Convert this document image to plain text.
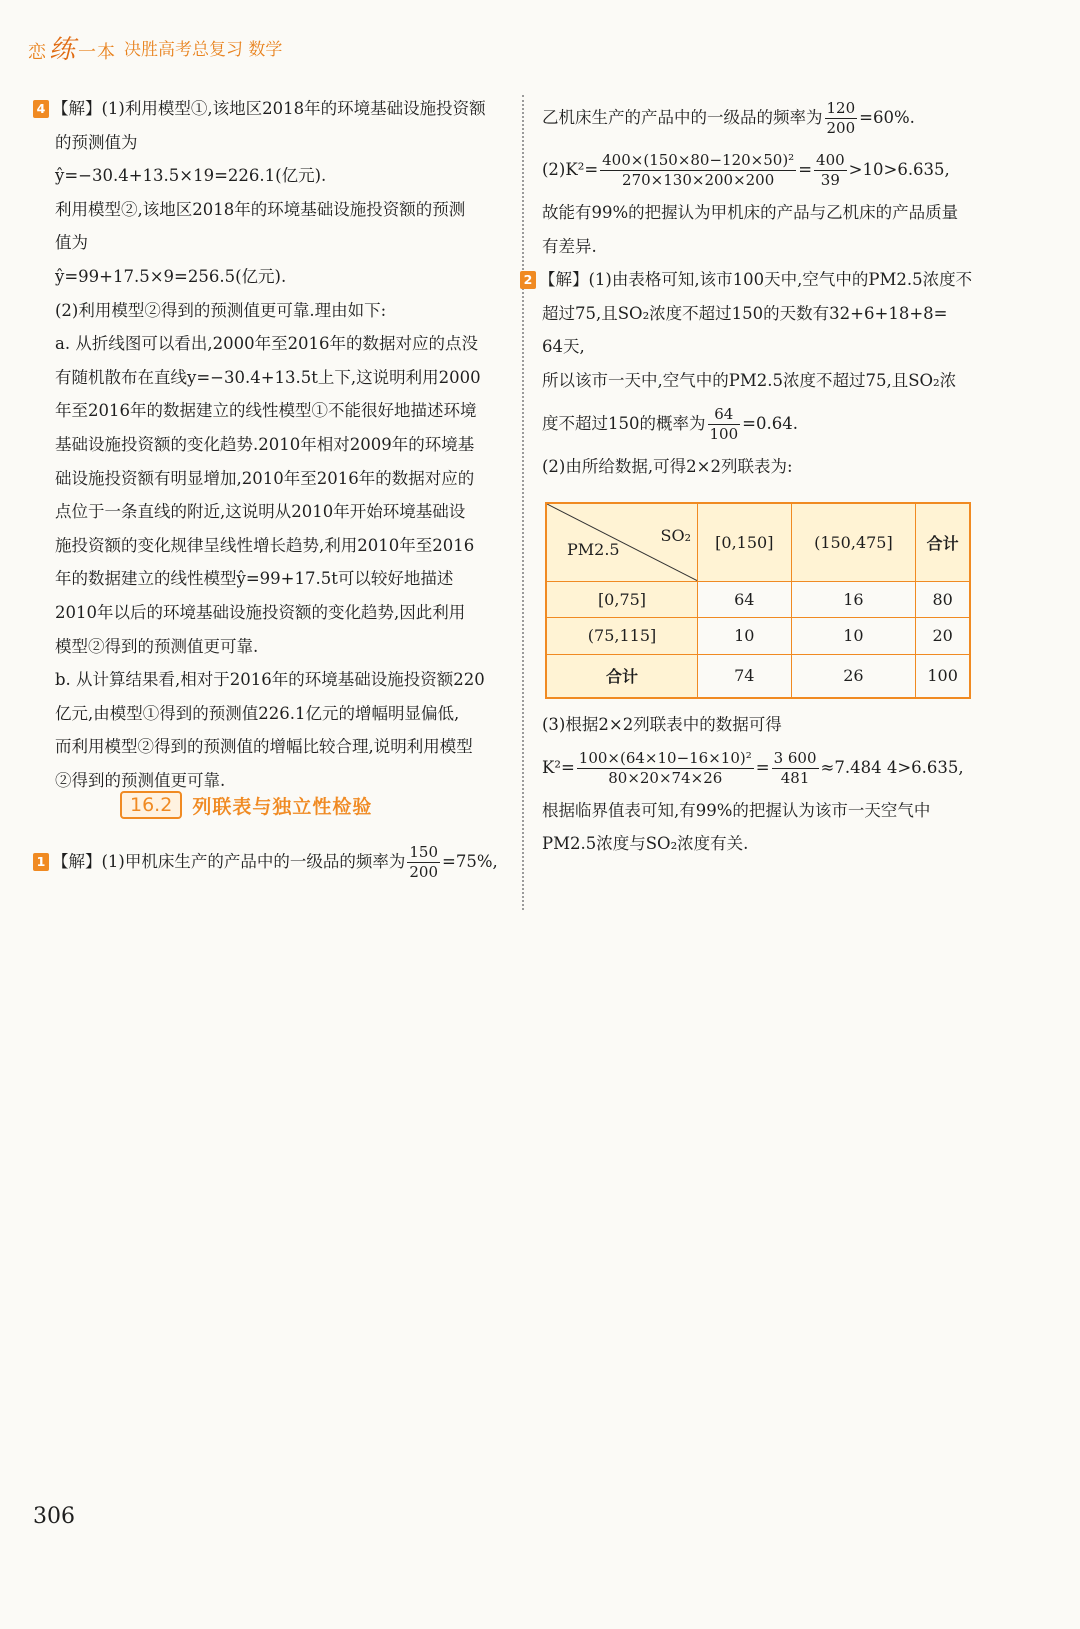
恋练 一本 决胜高考总复习 数学
4 【解】(1)利用模型①,该地区2018年的环境基础设施投资额
的预测值为
ŷ=−30.4+13.5×19=226.1(亿元).
利用模型②,该地区2018年的环境基础设施投资额的预测
值为
ŷ=99+17.5×9=256.5(亿元).
(2)利用模型②得到的预测值更可靠.理由如下:
a. 从折线图可以看出,2000年至2016年的数据对应的点没
有随机散布在直线y=−30.4+13.5t上下,这说明利用2000
年至2016年的数据建立的线性模型①不能很好地描述环境
基础设施投资额的变化趋势.2010年相对2009年的环境基
础设施投资额有明显增加,2010年至2016年的数据对应的
点位于一条直线的附近,这说明从2010年开始环境基础设
施投资额的变化规律呈线性增长趋势,利用2010年至2016
年的数据建立的线性模型ŷ=99+17.5t可以较好地描述
2010年以后的环境基础设施投资额的变化趋势,因此利用
模型②得到的预测值更可靠.
b. 从计算结果看,相对于2016年的环境基础设施投资额220
亿元,由模型①得到的预测值226.1亿元的增幅明显偏低,
而利用模型②得到的预测值的增幅比较合理,说明利用模型
②得到的预测值更可靠.
16.2	列联表与独立性检验
1 【解】(1)甲机床生产的产品中的一级品的频率为 $\frac{150}{200} =75\%$,
乙机床生产的产品中的一级品的频率为 $\frac{120}{200} =60\%$.
$(2)K^2= \frac{\text{400×(150×80−120×50)²}}{270\times 130\times 200\times 200} = \frac{400}{39} >10>6.635$,
故能有99%的把握认为甲机床的产品与乙机床的产品质量
有差异.
2 【解】(1)由表格可知,该市100天中,空气中的PM2.5浓度不
超过75,且SO₂浓度不超过150的天数有32+6+18+8=
64天,
所以该市一天中,空气中的PM2.5浓度不超过75,且SO₂浓
度不超过150的概率为 $\frac{64}{100} =0.64$.
(2)由所给数据,可得2×2列联表为:
SO₂
PM2.5	[0,150]	(150,475]	合计
[0,75]	64	16	80
(75,115]	10	10	20
合计	74	26	100
(3)根据2×2列联表中的数据可得
$K^2= \frac{\text{100×(64×10−16×10)²}}{80\times 20\times 74\times 26} = \frac{3 600}{481} \approx 7.484$ 4>6.635,
根据临界值表可知,有99%的把握认为该市一天空气中
PM2.5浓度与SO₂浓度有关.
306
